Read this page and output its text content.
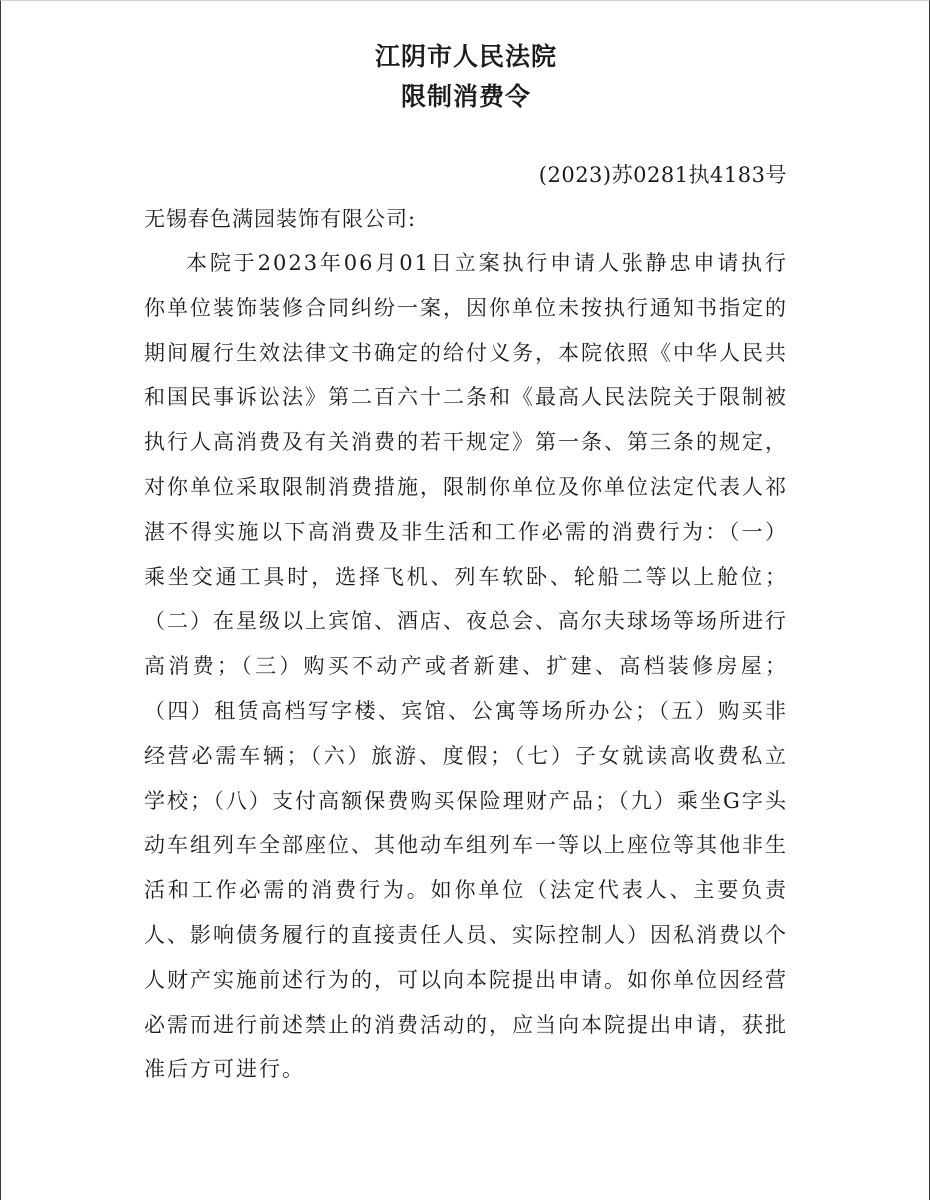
江阴市人民法院
限制消费令
(2023)苏0281执4183号
无锡春色满园装饰有限公司:

本院于2023年06月01日立案执行申请人张静忠申请执行你单位装饰装修合同纠纷一案，因你单位未按执行通知书指定的期间履行生效法律文书确定的给付义务，本院依照《中华人民共和国民事诉讼法》第二百六十二条和《最高人民法院关于限制被执行人高消费及有关消费的若干规定》第一条、第三条的规定，对你单位采取限制消费措施，限制你单位及你单位法定代表人祁湛不得实施以下高消费及非生活和工作必需的消费行为：（一）乘坐交通工具时，选择飞机、列车软卧、轮船二等以上舱位；（二）在星级以上宾馆、酒店、夜总会、高尔夫球场等场所进行高消费；（三）购买不动产或者新建、扩建、高档装修房屋；（四）租赁高档写字楼、宾馆、公寓等场所办公；（五）购买非经营必需车辆；（六）旅游、度假；（七）子女就读高收费私立学校；（八）支付高额保费购买保险理财产品；（九）乘坐G字头动车组列车全部座位、其他动车组列车一等以上座位等其他非生活和工作必需的消费行为。如你单位（法定代表人、主要负责人、影响债务履行的直接责任人员、实际控制人）因私消费以个人财产实施前述行为的，可以向本院提出申请。如你单位因经营必需而进行前述禁止的消费活动的，应当向本院提出申请，获批准后方可进行。
